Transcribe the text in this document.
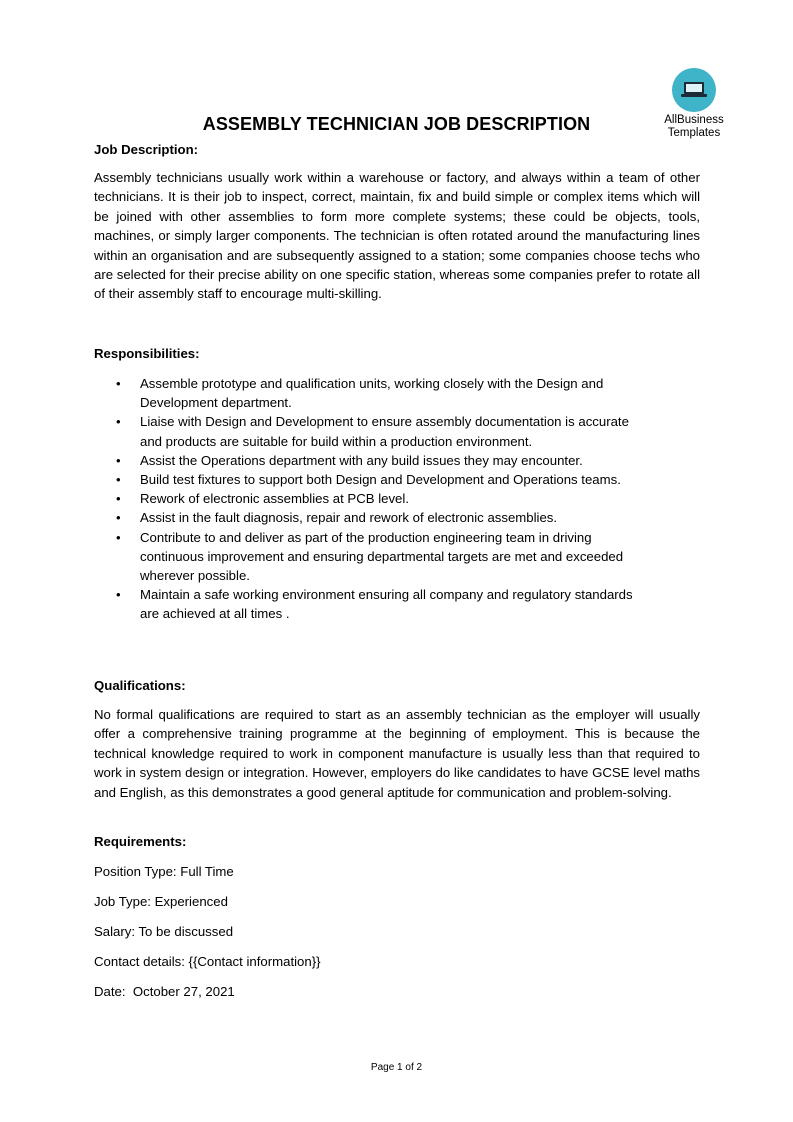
AllBusiness
Templates
ASSEMBLY TECHNICIAN JOB DESCRIPTION

Job Description:

Assembly technicians usually work within a warehouse or factory, and always within a team of other technicians. It is their job to inspect, correct, maintain, fix and build simple or complex items which will be joined with other assemblies to form more complete systems; these could be objects, tools, machines, or simply larger components. The technician is often rotated around the manufacturing lines within an organisation and are subsequently assigned to a station; some companies choose techs who are selected for their precise ability on one specific station, whereas some companies prefer to rotate all of their assembly staff to encourage multi-skilling.

Responsibilities:

• Assemble prototype and qualification units, working closely with the Design and Development department.
• Liaise with Design and Development to ensure assembly documentation is accurate and products are suitable for build within a production environment.
• Assist the Operations department with any build issues they may encounter.
• Build test fixtures to support both Design and Development and Operations teams.
• Rework of electronic assemblies at PCB level.
• Assist in the fault diagnosis, repair and rework of electronic assemblies.
• Contribute to and deliver as part of the production engineering team in driving continuous improvement and ensuring departmental targets are met and exceeded wherever possible.
• Maintain a safe working environment ensuring all company and regulatory standards are achieved at all times .

Qualifications:

No formal qualifications are required to start as an assembly technician as the employer will usually offer a comprehensive training programme at the beginning of employment. This is because the technical knowledge required to work in component manufacture is usually less than that required to work in system design or integration. However, employers do like candidates to have GCSE level maths and English, as this demonstrates a good general aptitude for communication and problem-solving.

Requirements:

Position Type: Full Time
Job Type: Experienced
Salary: To be discussed
Contact details: {{Contact information}}
Date:  October 27, 2021
Page 1 of 2
